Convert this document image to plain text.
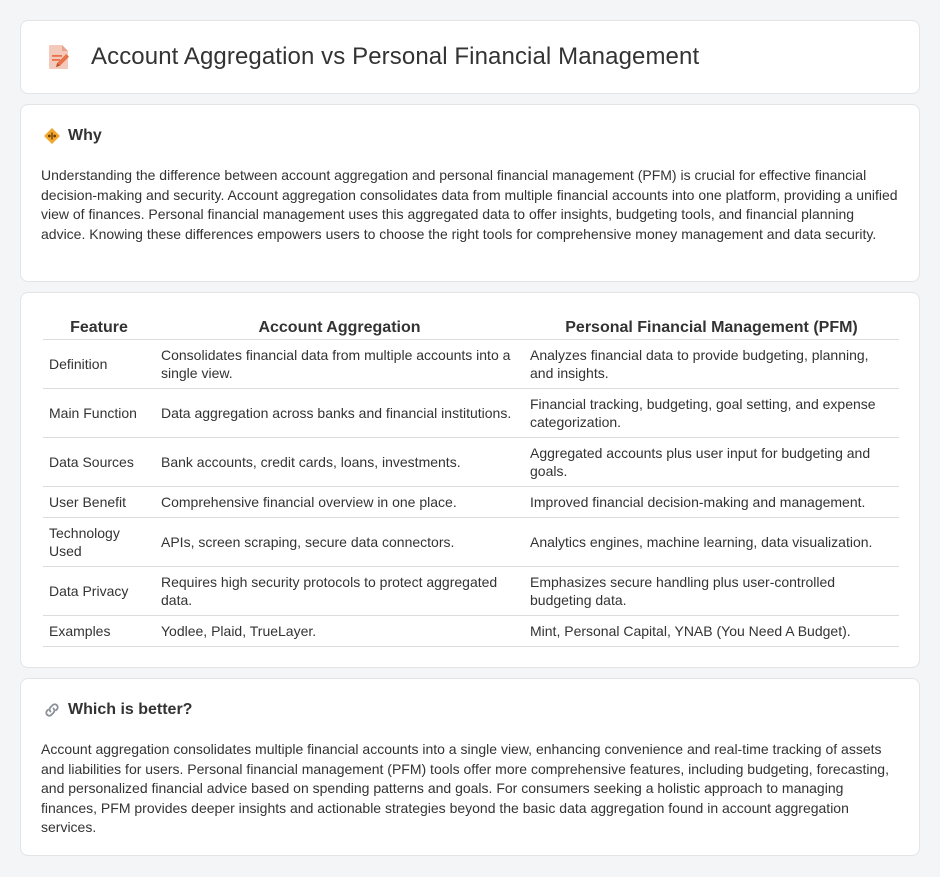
Account Aggregation vs Personal Financial Management
Why

Understanding the difference between account aggregation and personal financial management (PFM) is crucial for effective financial decision-making and security. Account aggregation consolidates data from multiple financial accounts into one platform, providing a unified view of finances. Personal financial management uses this aggregated data to offer insights, budgeting tools, and financial planning advice. Knowing these differences empowers users to choose the right tools for comprehensive money management and data security.

Feature	Account Aggregation	Personal Financial Management (PFM)
Definition	Consolidates financial data from multiple accounts into a single view.	Analyzes financial data to provide budgeting, planning, and insights.
Main Function	Data aggregation across banks and financial institutions.	Financial tracking, budgeting, goal setting, and expense categorization.
Data Sources	Bank accounts, credit cards, loans, investments.	Aggregated accounts plus user input for budgeting and goals.
User Benefit	Comprehensive financial overview in one place.	Improved financial decision-making and management.
Technology Used	APIs, screen scraping, secure data connectors.	Analytics engines, machine learning, data visualization.
Data Privacy	Requires high security protocols to protect aggregated data.	Emphasizes secure handling plus user-controlled budgeting data.
Examples	Yodlee, Plaid, TrueLayer.	Mint, Personal Capital, YNAB (You Need A Budget).
Which is better?

Account aggregation consolidates multiple financial accounts into a single view, enhancing convenience and real-time tracking of assets and liabilities for users. Personal financial management (PFM) tools offer more comprehensive features, including budgeting, forecasting, and personalized financial advice based on spending patterns and goals. For consumers seeking a holistic approach to managing finances, PFM provides deeper insights and actionable strategies beyond the basic data aggregation found in account aggregation services.
